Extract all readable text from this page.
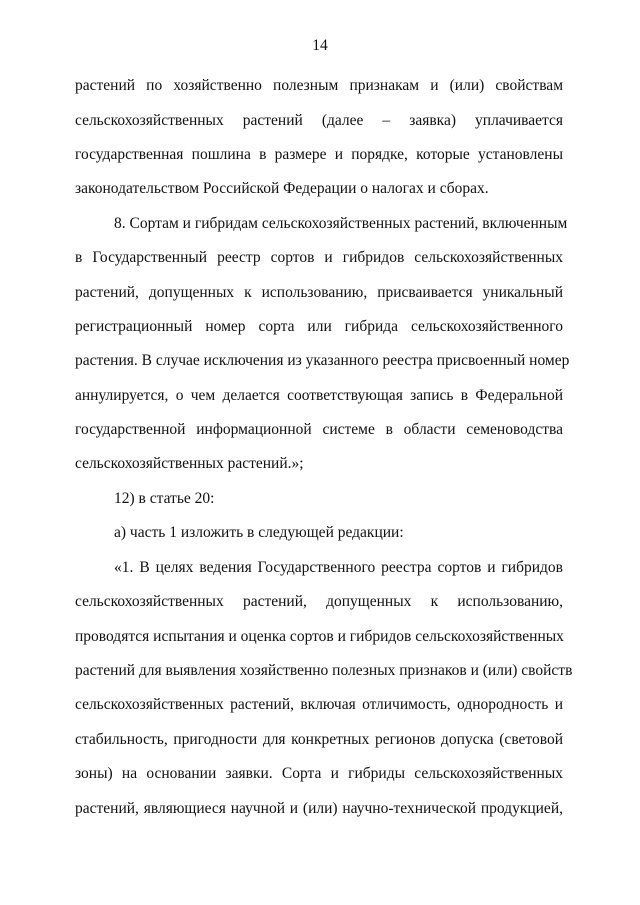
14
растений по хозяйственно полезным признакам и (или) свойствам
сельскохозяйственных растений (далее – заявка) уплачивается
государственная пошлина в размере и порядке, которые установлены
законодательством Российской Федерации о налогах и сборах.
8. Сортам и гибридам сельскохозяйственных растений, включенным
в Государственный реестр сортов и гибридов сельскохозяйственных
растений, допущенных к использованию, присваивается уникальный
регистрационный номер сорта или гибрида сельскохозяйственного
растения. В случае исключения из указанного реестра присвоенный номер
аннулируется, о чем делается соответствующая запись в Федеральной
государственной информационной системе в области семеноводства
сельскохозяйственных растений.»;
12) в статье 20:
а) часть 1 изложить в следующей редакции:
«1. В целях ведения Государственного реестра сортов и гибридов
сельскохозяйственных растений, допущенных к использованию,
проводятся испытания и оценка сортов и гибридов сельскохозяйственных
растений для выявления хозяйственно полезных признаков и (или) свойств
сельскохозяйственных растений, включая отличимость, однородность и
стабильность, пригодности для конкретных регионов допуска (световой
зоны) на основании заявки. Сорта и гибриды сельскохозяйственных
растений, являющиеся научной и (или) научно-технической продукцией,
